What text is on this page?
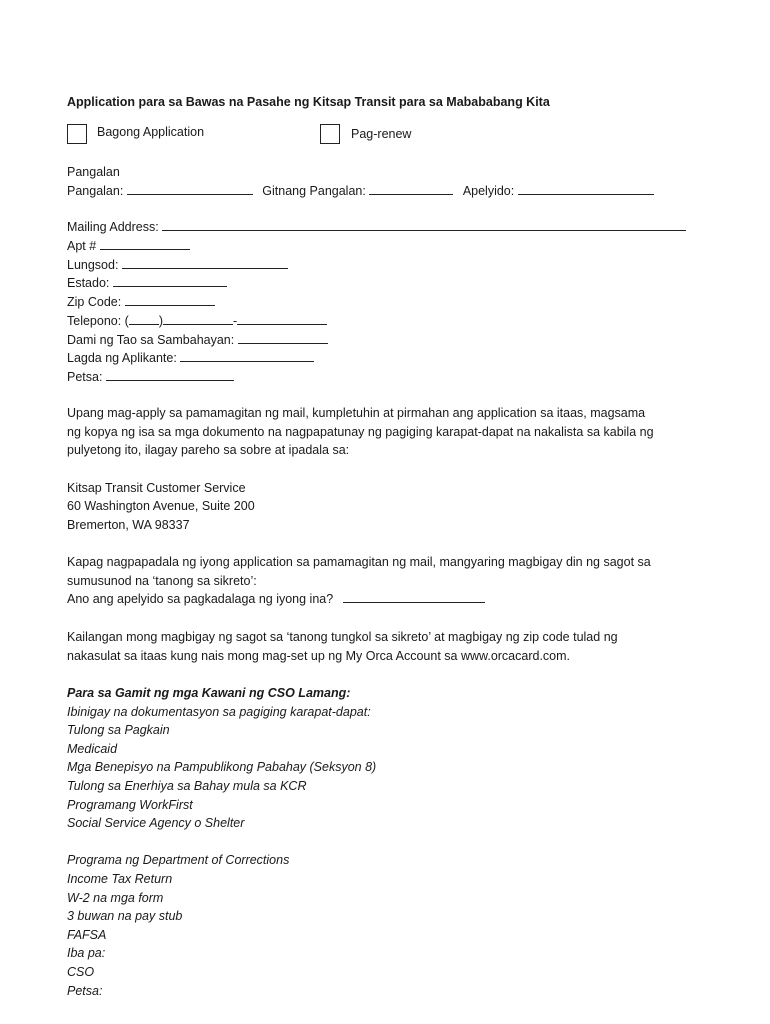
Application para sa Bawas na Pasahe ng Kitsap Transit para sa Mabababang Kita
Bagong Application	Pag-renew
Pangalan
Pangalan:	Gitnang Pangalan:	Apelyido:
Mailing Address:
Apt #
Lungsod:
Estado:
Zip Code:
Telepono: ( )	-
Dami ng Tao sa Sambahayan:
Lagda ng Aplikante:
Petsa:
Upang mag-apply sa pamamagitan ng mail, kumpletuhin at pirmahan ang application sa itaas, magsama
ng kopya ng isa sa mga dokumento na nagpapatunay ng pagiging karapat-dapat na nakalista sa kabila ng
pulyetong ito, ilagay pareho sa sobre at ipadala sa:
Kitsap Transit Customer Service
60 Washington Avenue, Suite 200
Bremerton, WA 98337
Kapag nagpapadala ng iyong application sa pamamagitan ng mail, mangyaring magbigay din ng sagot sa
sumusunod na ‘tanong sa sikreto’:
Ano ang apelyido sa pagkadalaga ng iyong ina?
Kailangan mong magbigay ng sagot sa ‘tanong tungkol sa sikreto’ at magbigay ng zip code tulad ng
nakasulat sa itaas kung nais mong mag-set up ng My Orca Account sa www.orcacard.com.
Para sa Gamit ng mga Kawani ng CSO Lamang:
Ibinigay na dokumentasyon sa pagiging karapat-dapat:
Tulong sa Pagkain
Medicaid
Mga Benepisyo na Pampublikong Pabahay (Seksyon 8)
Tulong sa Enerhiya sa Bahay mula sa KCR
Programang WorkFirst
Social Service Agency o Shelter
Programa ng Department of Corrections
Income Tax Return
W-2 na mga form
3 buwan na pay stub
FAFSA
Iba pa:
CSO
Petsa:
